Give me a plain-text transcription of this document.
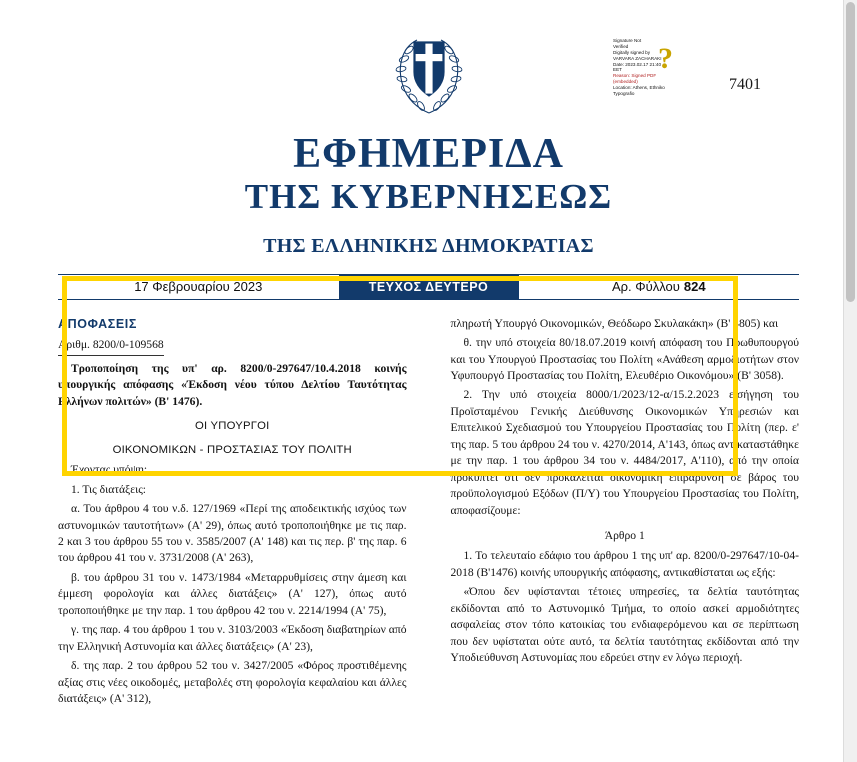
?
Signature Not
Verified
Digitally signed by
VARVARA ZACHARAKI
Date: 2023.02.17 21:40
EET
Reason: Signed PDF
(embedded)
Location: Athens, Ethniko
Typografio
7401
ΕΦΗΜΕΡΙΔΑ
ΤΗΣ ΚΥΒΕΡΝΗΣΕΩΣ
ΤΗΣ ΕΛΛΗΝΙΚΗΣ ΔΗΜΟΚΡΑΤΙΑΣ
17 Φεβρουαρίου 2023	ΤΕΥΧΟΣ ΔΕΥΤΕΡΟ	Αρ. Φύλλου 824
ΑΠΟΦΑΣΕΙΣ
Αριθμ. 8200/0-109568

Τροποποίηση της υπ' αρ. 8200/0-297647/10.4.2018 κοινής υπουργικής απόφασης «Έκδοση νέου τύπου Δελτίου Ταυτότητας Ελλήνων πολιτών» (Β' 1476).

ΟΙ ΥΠΟΥΡΓΟΙ
ΟΙΚΟΝΟΜΙΚΩΝ - ΠΡΟΣΤΑΣΙΑΣ ΤΟΥ ΠΟΛΙΤΗ

Έχοντας υπόψη:

1. Τις διατάξεις:

α. Του άρθρου 4 του ν.δ. 127/1969 «Περί της αποδεικτικής ισχύος των αστυνομικών ταυτοτήτων» (Α' 29), όπως αυτό τροποποιήθηκε με τις παρ. 2 και 3 του άρθρου 55 του ν. 3585/2007 (Α' 148) και τις περ. β' της παρ. 6 του άρθρου 41 του ν. 3731/2008 (Α' 263),

β. του άρθρου 31 του ν. 1473/1984 «Μεταρρυθμίσεις στην άμεση και έμμεση φορολογία και άλλες διατάξεις» (Α' 127), όπως αυτό τροποποιήθηκε με την παρ. 1 του άρθρου 42 του ν. 2214/1994 (Α' 75),

γ. της παρ. 4 του άρθρου 1 του ν. 3103/2003 «Έκδοση διαβατηρίων από την Ελληνική Αστυνομία και άλλες διατάξεις» (Α' 23),

δ. της παρ. 2 του άρθρου 52 του ν. 3427/2005 «Φόρος προστιθέμενης αξίας στις νέες οικοδομές, μεταβολές στη φορολογία κεφαλαίου και άλλες διατάξεις» (Α' 312),

πληρωτή Υπουργό Οικονομικών, Θεόδωρο Σκυλακάκη» (Β' 4805) και

θ. την υπό στοιχεία 80/18.07.2019 κοινή απόφαση του Πρωθυπουργού και του Υπουργού Προστασίας του Πολίτη «Ανάθεση αρμοδιοτήτων στον Υφυπουργό Προστασίας του Πολίτη, Ελευθέριο Οικονόμου» (Β' 3058).

2. Την υπό στοιχεία 8000/1/2023/12-α/15.2.2023 εισήγηση του Προϊσταμένου Γενικής Διεύθυνσης Οικονομικών Υπηρεσιών και Επιτελικού Σχεδιασμού του Υπουργείου Προστασίας του Πολίτη (περ. ε' της παρ. 5 του άρθρου 24 του ν. 4270/2014, Α'143, όπως αντικαταστάθηκε με την παρ. 1 του άρθρου 34 του ν. 4484/2017, Α'110), από την οποία προκύπτει ότι δεν προκαλείται οικονομική επιβάρυνση σε βάρος του προϋπολογισμού Εξόδων (Π/Υ) του Υπουργείου Προστασίας του Πολίτη, αποφασίζουμε:

Άρθρο 1

1. Το τελευταίο εδάφιο του άρθρου 1 της υπ' αρ. 8200/0-297647/10-04-2018 (Β'1476) κοινής υπουργικής απόφασης, αντικαθίσταται ως εξής:

«Όπου δεν υφίστανται τέτοιες υπηρεσίες, τα δελτία ταυτότητας εκδίδονται από το Αστυνομικό Τμήμα, το οποίο ασκεί αρμοδιότητες ασφαλείας στον τόπο κατοικίας του ενδιαφερόμενου και σε περίπτωση που δεν υφίσταται ούτε αυτό, τα δελτία ταυτότητας εκδίδονται από την Υποδιεύθυνση Αστυνομίας που εδρεύει στην εν λόγω περιοχή.
